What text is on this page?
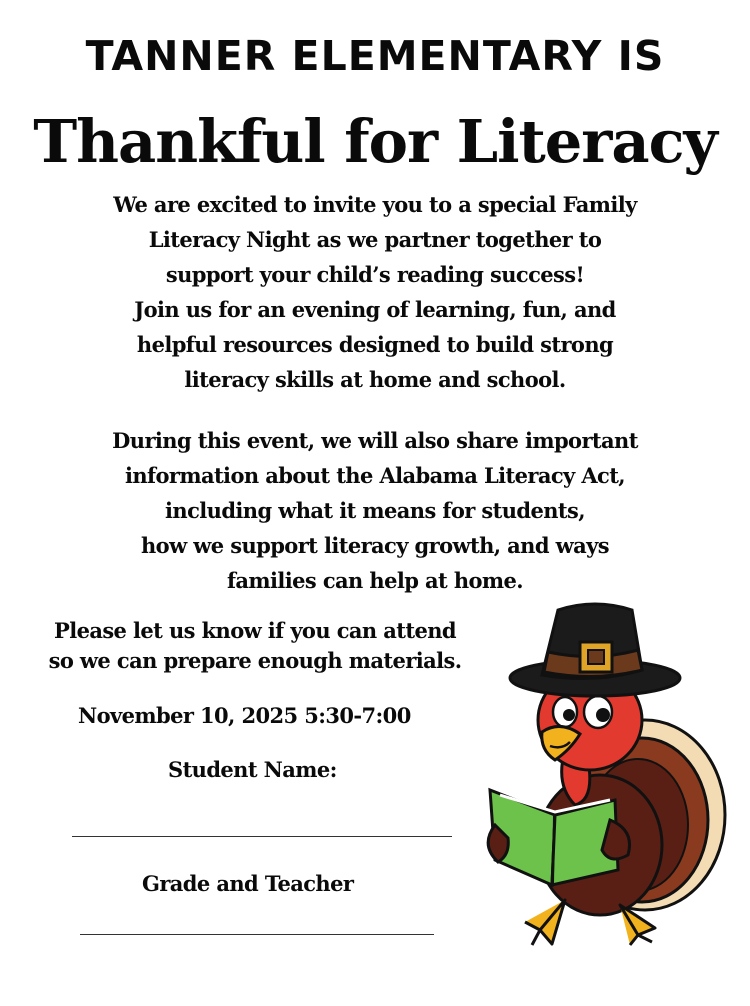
TANNER ELEMENTARY IS
Thankful for Literacy
We are excited to invite you to a special Family
Literacy Night as we partner together to
support your child’s reading success!
Join us for an evening of learning, fun, and
helpful resources designed to build strong
literacy skills at home and school.
During this event, we will also share important
information about the Alabama Literacy Act,
including what it means for students,
how we support literacy growth, and ways
families can help at home.
Please let us know if you can attend
so we can prepare enough materials.
November 10, 2025 5:30-7:00
Student Name:
Grade and Teacher
